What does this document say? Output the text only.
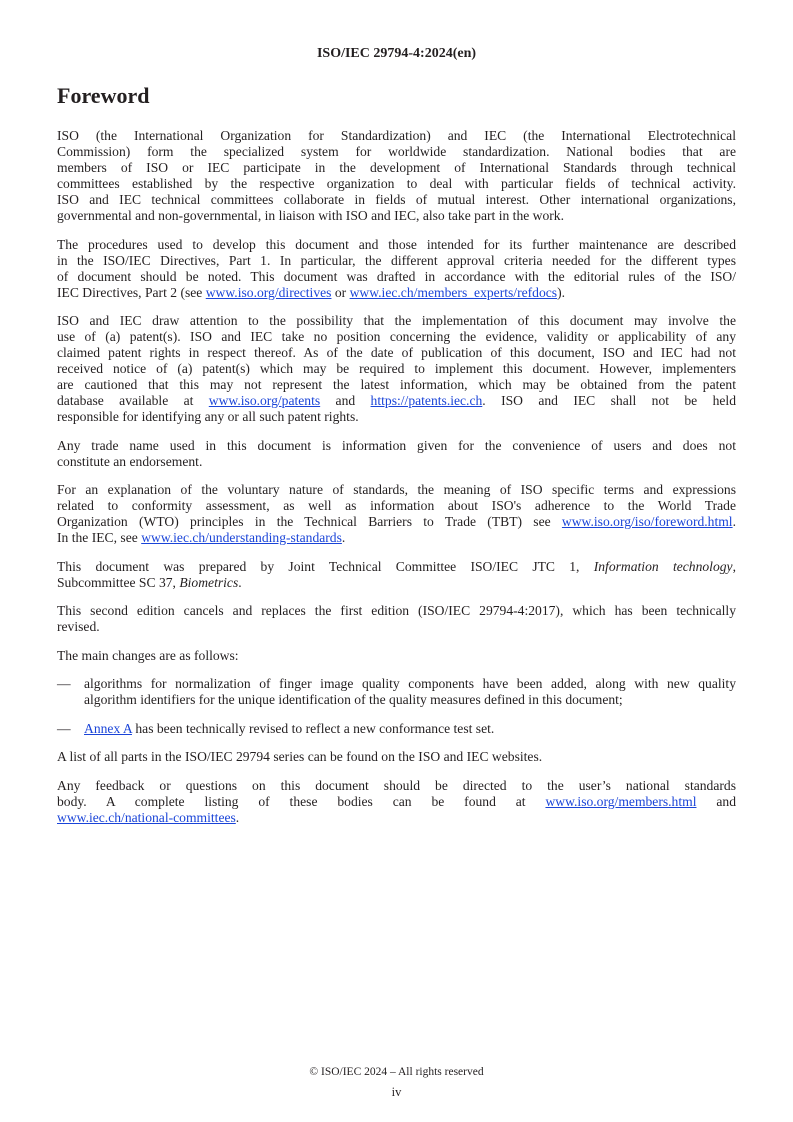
ISO/IEC 29794-4:2024(en)
Foreword
ISO (the International Organization for Standardization) and IEC (the International Electrotechnical
Commission) form the specialized system for worldwide standardization. National bodies that are
members of ISO or IEC participate in the development of International Standards through technical
committees established by the respective organization to deal with particular fields of technical activity.
ISO and IEC technical committees collaborate in fields of mutual interest. Other international organizations,
governmental and non-governmental, in liaison with ISO and IEC, also take part in the work.
The procedures used to develop this document and those intended for its further maintenance are described
in the ISO/IEC Directives, Part 1. In particular, the different approval criteria needed for the different types
of document should be noted. This document was drafted in accordance with the editorial rules of the ISO/
IEC Directives, Part 2 (see www.iso.org/directives or www.iec.ch/members_experts/refdocs).
ISO and IEC draw attention to the possibility that the implementation of this document may involve the
use of (a) patent(s). ISO and IEC take no position concerning the evidence, validity or applicability of any
claimed patent rights in respect thereof. As of the date of publication of this document, ISO and IEC had not
received notice of (a) patent(s) which may be required to implement this document. However, implementers
are cautioned that this may not represent the latest information, which may be obtained from the patent
database available at www.iso.org/patents and https://patents.iec.ch. ISO and IEC shall not be held
responsible for identifying any or all such patent rights.
Any trade name used in this document is information given for the convenience of users and does not
constitute an endorsement.
For an explanation of the voluntary nature of standards, the meaning of ISO specific terms and expressions
related to conformity assessment, as well as information about ISO's adherence to the World Trade
Organization (WTO) principles in the Technical Barriers to Trade (TBT) see www.iso.org/iso/foreword.html.
In the IEC, see www.iec.ch/understanding-standards.
This document was prepared by Joint Technical Committee ISO/IEC JTC 1, Information technology,
Subcommittee SC 37, Biometrics.
This second edition cancels and replaces the first edition (ISO/IEC 29794-4:2017), which has been technically
revised.
The main changes are as follows:
— algorithms for normalization of finger image quality components have been added, along with new quality
algorithm identifiers for the unique identification of the quality measures defined in this document;
— Annex A has been technically revised to reflect a new conformance test set.
A list of all parts in the ISO/IEC 29794 series can be found on the ISO and IEC websites.
Any feedback or questions on this document should be directed to the user’s national standards
body. A complete listing of these bodies can be found at www.iso.org/members.html and
www.iec.ch/national-committees.
© ISO/IEC 2024 – All rights reserved
iv
